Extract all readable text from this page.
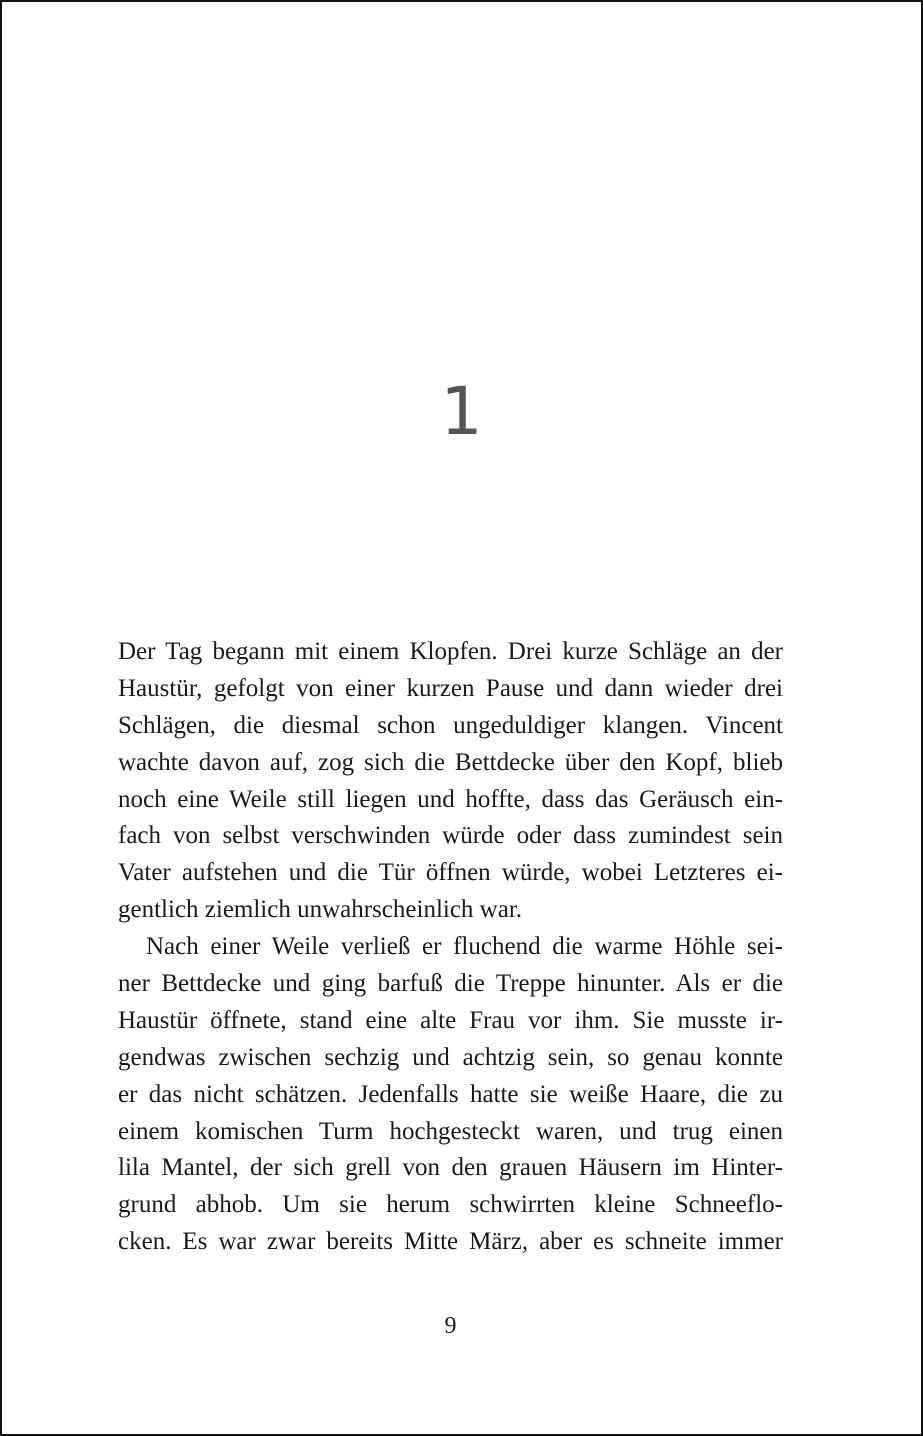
1
Der Tag begann mit einem Klopfen. Drei kurze Schläge an der
Haustür, gefolgt von einer kurzen Pause und dann wieder drei
Schlägen, die diesmal schon ungeduldiger klangen. Vincent
wachte davon auf, zog sich die Bettdecke über den Kopf, blieb
noch eine Weile still liegen und hoffte, dass das Geräusch ein-
fach von selbst verschwinden würde oder dass zumindest sein
Vater aufstehen und die Tür öffnen würde, wobei Letzteres ei-
gentlich ziemlich unwahrscheinlich war.
Nach einer Weile verließ er fluchend die warme Höhle sei-
ner Bettdecke und ging barfuß die Treppe hinunter. Als er die
Haustür öffnete, stand eine alte Frau vor ihm. Sie musste ir-
gendwas zwischen sechzig und achtzig sein, so genau konnte
er das nicht schätzen. Jedenfalls hatte sie weiße Haare, die zu
einem komischen Turm hochgesteckt waren, und trug einen
lila Mantel, der sich grell von den grauen Häusern im Hinter-
grund abhob. Um sie herum schwirrten kleine Schneeflo-
cken. Es war zwar bereits Mitte März, aber es schneite immer
9
